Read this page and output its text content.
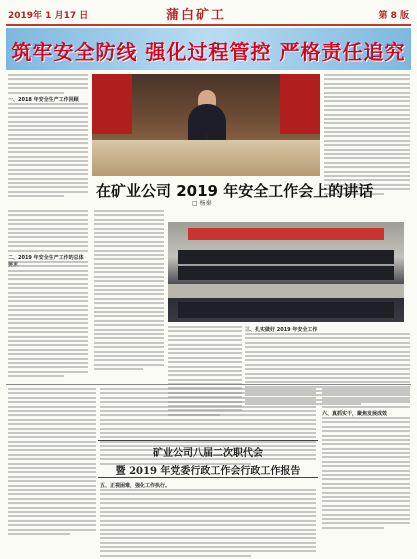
2019年 1 月17 日	蒲白矿工	第 8 版
筑牢安全防线 强化过程管控 严格责任追究
一、2018 年安全生产工作回顾
在矿业公司 2019 年安全工作会上的讲话
□ 杨秦
二、2019 年安全生产工作的总体
三、扎实做好 2019 年安全工作
矿业公司八届二次职代会
暨 2019 年党委行政工作会行政工作报告
五、正视困难，强化工作执行。
六、真抓实干，聚焦发展成效
